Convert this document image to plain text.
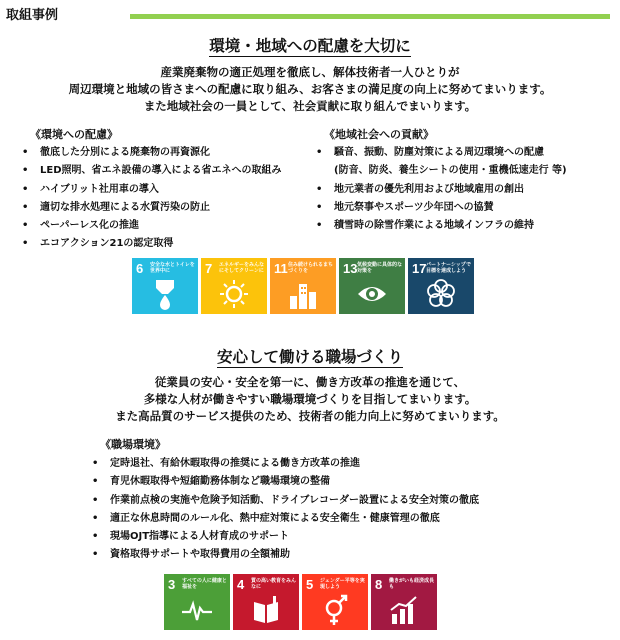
取組事例
環境・地域への配慮を大切に
産業廃棄物の適正処理を徹底し、解体技術者一人ひとりが
周辺環境と地域の皆さまへの配慮に取り組み、お客さまの満足度の向上に努めてまいります。
また地域社会の一員として、社会貢献に取り組んでまいります。
《環境への配慮》
• 徹底した分別による廃棄物の再資源化
• LED照明、省エネ設備の導入による省エネへの取組み
• ハイブリット社用車の導入
• 適切な排水処理による水質汚染の防止
• ペーパーレス化の推進
• エコアクション21の認定取得
《地域社会への貢献》
• 騒音、振動、防塵対策による周辺環境への配慮
(防音、防炎、養生シートの使用・重機低速走行 等)
• 地元業者の優先利用および地域雇用の創出
• 地元祭事やスポーツ少年団への協賛
• 積雪時の除雪作業による地域インフラの維持
6 安全な水とトイレを世界中に	7 エネルギーをみんなにそしてクリーンに 11 住み続けられるまちづくりを	13 気候変動に具体的な対策を	17 パートナーシップで目標を達成しよう
安心して働ける職場づくり
従業員の安心・安全を第一に、働き方改革の推進を通じて、
多様な人材が働きやすい職場環境づくりを目指してまいります。
また高品質のサービス提供のため、技術者の能力向上に努めてまいります。
《職場環境》
• 定時退社、有給休暇取得の推奨による働き方改革の推進
• 育児休暇取得や短縮勤務体制など職場環境の整備
• 作業前点検の実施や危険予知活動、ドライブレコーダー設置による安全対策の徹底
• 適正な休息時間のルール化、熱中症対策による安全衛生・健康管理の徹底
• 現場OJT指導による人材育成のサポート
• 資格取得サポートや取得費用の全額補助
3 すべての人に健康と福祉を	4 質の高い教育をみんなに	5 ジェンダー平等を実現しよう	8 働きがいも経済成長も
